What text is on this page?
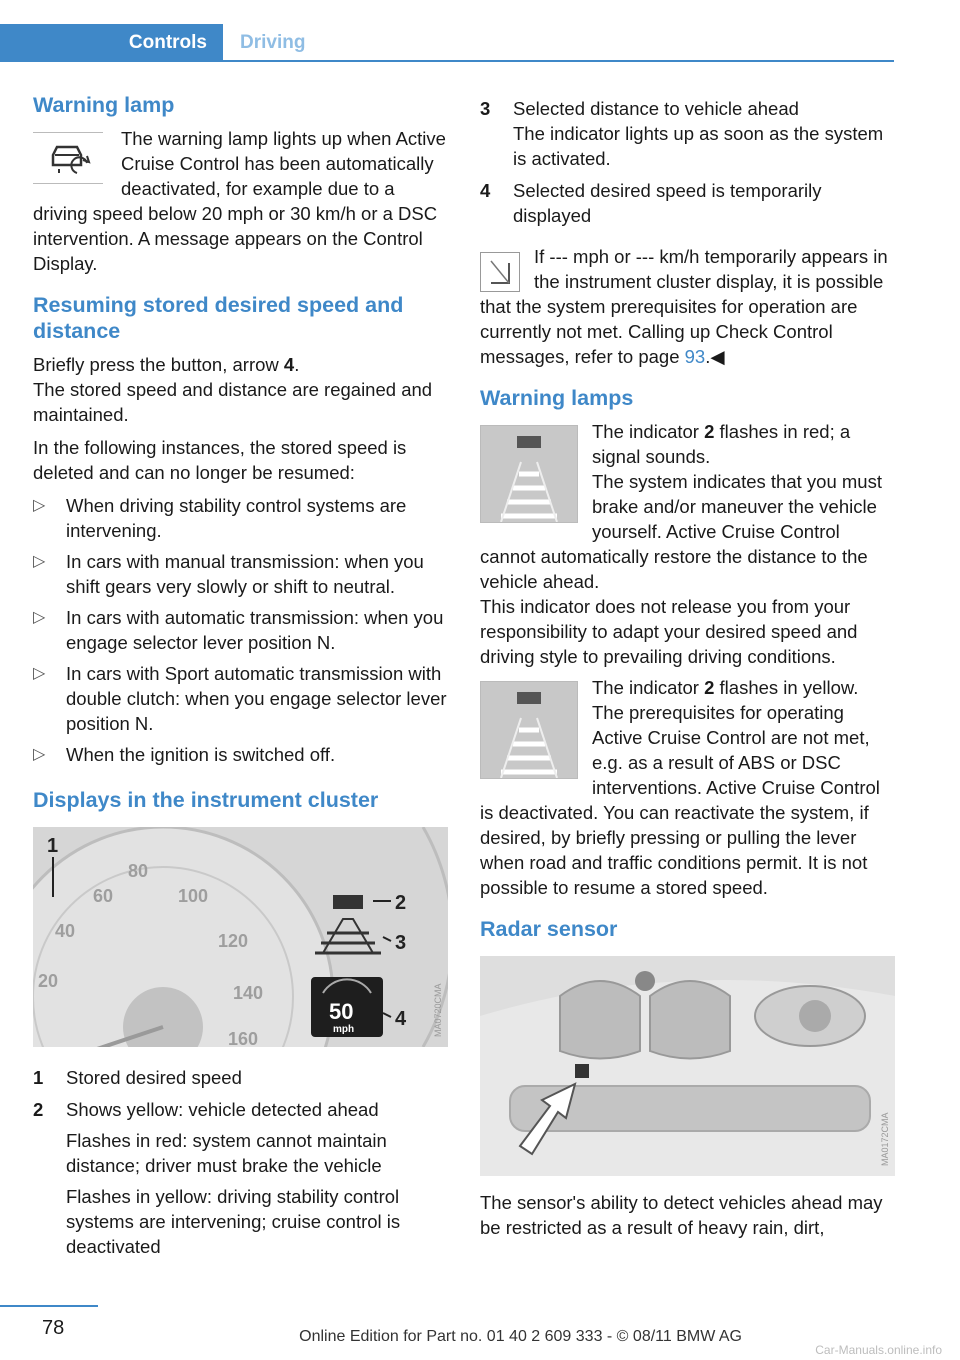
Controls	Driving
Warning lamp

The warning lamp lights up when Active Cruise Control has been automatically deactivated, for example due to a driving speed below 20 mph or 30 km/h or a DSC intervention. A message appears on the Control Display.

Resuming stored desired speed and distance

Briefly press the button, arrow 4.

The stored speed and distance are regained and maintained.

In the following instances, the stored speed is deleted and can no longer be resumed:

▷ When driving stability control systems are intervening.
▷ In cars with manual transmission: when you shift gears very slowly or shift to neutral.
▷ In cars with automatic transmission: when you engage selector lever position N.
▷ In cars with Sport automatic transmission with double clutch: when you engage selector lever position N.
▷ When the ignition is switched off.
Displays in the instrument cluster
60
80
100
120
140
160
40
20
1
2
3
50
mph 4	MA0720CMA
1 Stored desired speed
2 Shows yellow: vehicle detected ahead

Flashes in red: system cannot maintain distance; driver must brake the vehicle

Flashes in yellow: driving stability control systems are intervening; cruise control is deactivated

3 Selected distance to vehicle ahead
The indicator lights up as soon as the system is activated.
4 Selected desired speed is temporarily displayed

If --- mph or --- km/h temporarily appears in the instrument cluster display, it is possible that the system prerequisites for operation are currently not met. Calling up Check Control messages, refer to page 93.◀

Warning lamps

The indicator 2 flashes in red; a signal sounds.

The system indicates that you must brake and/or maneuver the vehicle yourself. Active Cruise Control cannot automatically restore the distance to the vehicle ahead.

This indicator does not release you from your responsibility to adapt your desired speed and driving style to prevailing driving conditions.

The indicator 2 flashes in yellow. The prerequisites for operating Active Cruise Control are not met, e.g. as a result of ABS or DSC interventions. Active Cruise Control is deactivated. You can reactivate the system, if desired, by briefly pressing or pulling the lever when road and traffic conditions permit. It is not possible to resume a stored speed.

Radar sensor
MA0172CMA

The sensor's ability to detect vehicles ahead may be restricted as a result of heavy rain, dirt,

78	Online Edition for Part no. 01 40 2 609 333 - © 08/11 BMW AG
Car-Manuals.online.info
